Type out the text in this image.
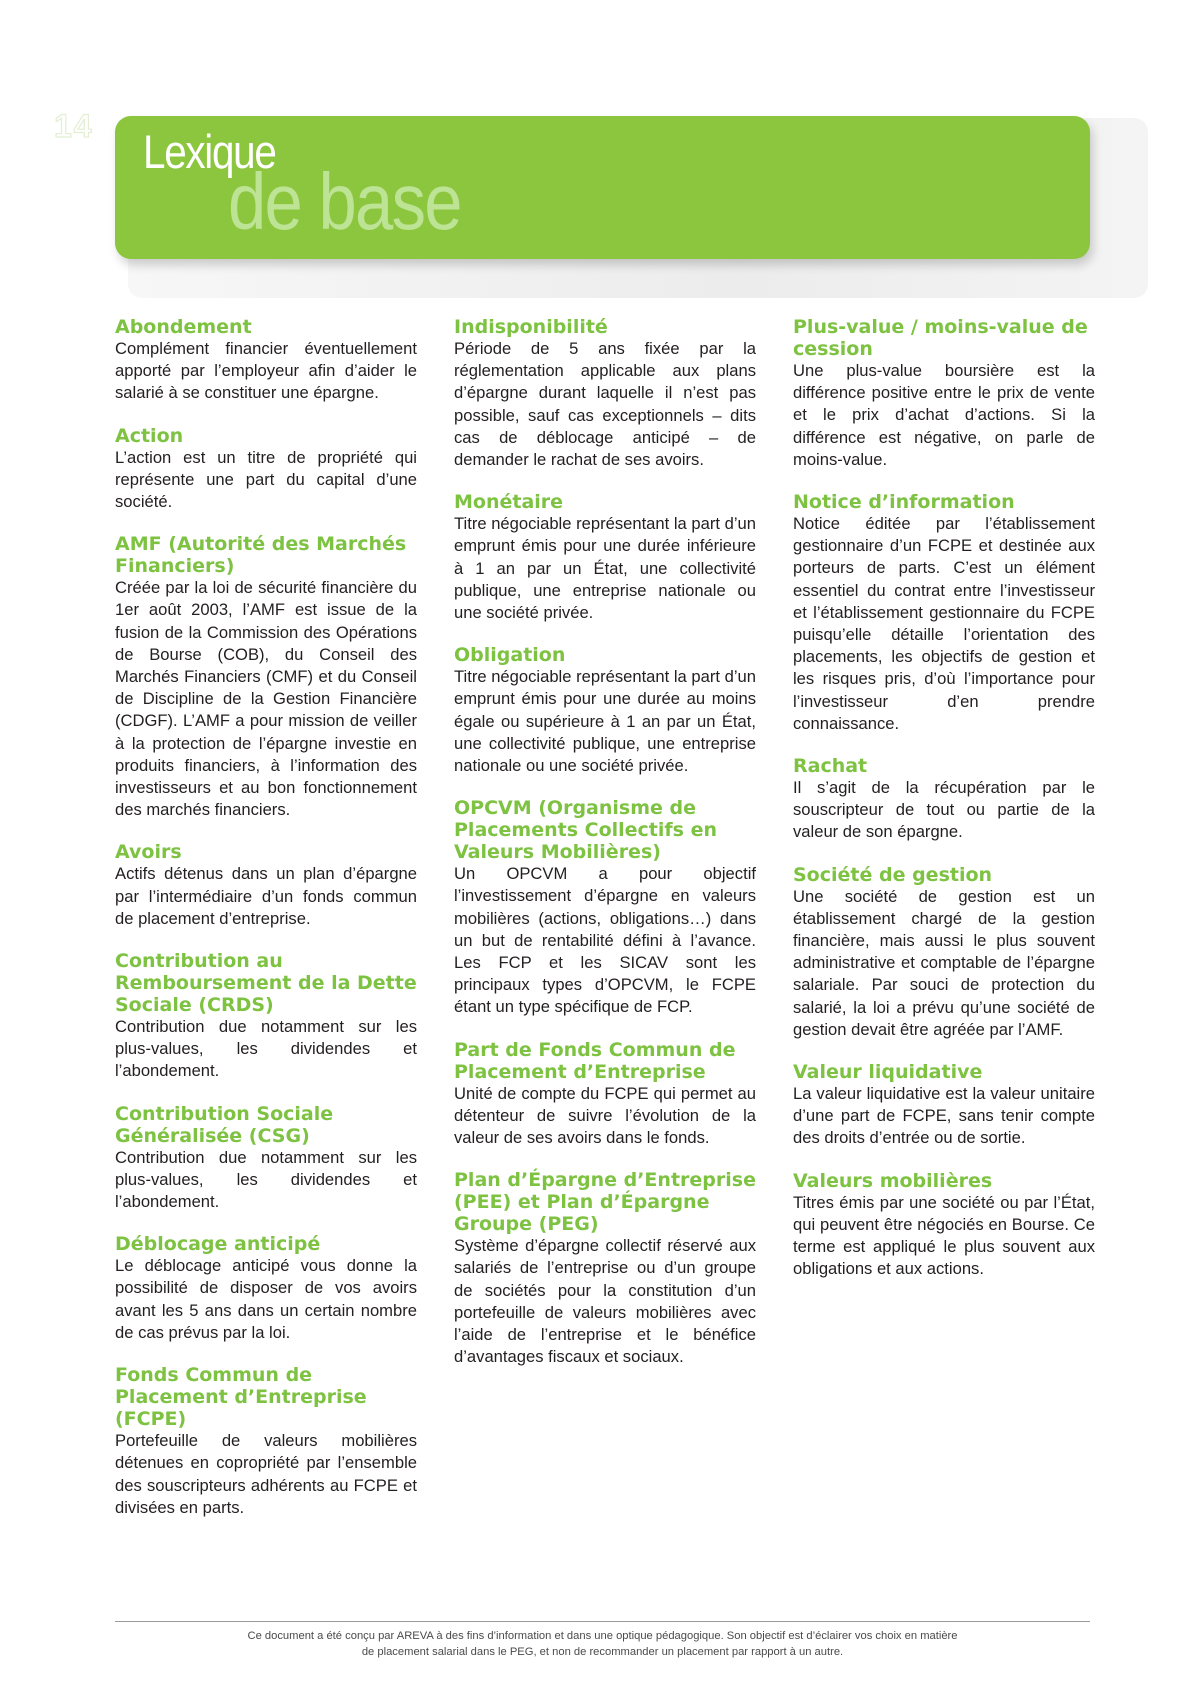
14 Lexique
de base
Abondement

Complément financier éventuellement apporté par l’employeur afin d’aider le salarié à se constituer une épargne.

Action

L’action est un titre de propriété qui représente une part du capital d’une société.

AMF (Autorité des Marchés Financiers)

Créée par la loi de sécurité financière du 1er août 2003, l’AMF est issue de la fusion de la Commission des Opérations de Bourse (COB), du Conseil des Marchés Financiers (CMF) et du Conseil de Discipline de la Gestion Financière (CDGF). L’AMF a pour mission de veiller à la protection de l’épargne investie en produits financiers, à l’information des investisseurs et au bon fonctionnement des marchés financiers.

Avoirs

Actifs détenus dans un plan d’épargne par l’intermédiaire d’un fonds commun de placement d’entreprise.

Contribution au Remboursement de la Dette Sociale (CRDS)

Contribution due notamment sur les plus-values, les dividendes et l’abondement.

Contribution Sociale Généralisée (CSG)

Contribution due notamment sur les plus-values, les dividendes et l’abondement.

Déblocage anticipé

Le déblocage anticipé vous donne la possibilité de disposer de vos avoirs avant les 5 ans dans un certain nombre de cas prévus par la loi.

Fonds Commun de Placement d’Entreprise (FCPE)

Portefeuille de valeurs mobilières détenues en copropriété par l’ensemble des souscripteurs adhérents au FCPE et divisées en parts.

Indisponibilité

Période de 5 ans fixée par la réglementation applicable aux plans d’épargne durant laquelle il n’est pas possible, sauf cas exceptionnels – dits cas de déblocage anticipé – de demander le rachat de ses avoirs.

Monétaire

Titre négociable représentant la part d’un emprunt émis pour une durée inférieure à 1 an par un État, une collectivité publique, une entreprise nationale ou une société privée.

Obligation

Titre négociable représentant la part d’un emprunt émis pour une durée au moins égale ou supérieure à 1 an par un État, une collectivité publique, une entreprise nationale ou une société privée.

OPCVM (Organisme de Placements Collectifs en Valeurs Mobilières)

Un OPCVM a pour objectif l’investissement d’épargne en valeurs mobilières (actions, obligations…) dans un but de rentabilité défini à l’avance. Les FCP et les SICAV sont les principaux types d’OPCVM, le FCPE étant un type spécifique de FCP.

Part de Fonds Commun de Placement d’Entreprise

Unité de compte du FCPE qui permet au détenteur de suivre l’évolution de la valeur de ses avoirs dans le fonds.

Plan d’Épargne d’Entreprise (PEE) et Plan d’Épargne Groupe (PEG)

Système d’épargne collectif réservé aux salariés de l’entreprise ou d’un groupe de sociétés pour la constitution d’un portefeuille de valeurs mobilières avec l’aide de l’entreprise et le bénéfice d’avantages fiscaux et sociaux.

Plus-value / moins-value de cession

Une plus-value boursière est la différence positive entre le prix de vente et le prix d’achat d’actions. Si la différence est négative, on parle de moins-value.

Notice d’information

Notice éditée par l’établissement gestionnaire d’un FCPE et destinée aux porteurs de parts. C’est un élément essentiel du contrat entre l’investisseur et l’établissement gestionnaire du FCPE puisqu’elle détaille l’orientation des placements, les objectifs de gestion et les risques pris, d’où l’importance pour l’investisseur d’en prendre connaissance.

Rachat

Il s’agit de la récupération par le souscripteur de tout ou partie de la valeur de son épargne.

Société de gestion

Une société de gestion est un établissement chargé de la gestion financière, mais aussi le plus souvent administrative et comptable de l’épargne salariale. Par souci de protection du salarié, la loi a prévu qu’une société de gestion devait être agréée par l’AMF.

Valeur liquidative

La valeur liquidative est la valeur unitaire d’une part de FCPE, sans tenir compte des droits d’entrée ou de sortie.

Valeurs mobilières

Titres émis par une société ou par l’État, qui peuvent être négociés en Bourse. Ce terme est appliqué le plus souvent aux obligations et aux actions.

Ce document a été conçu par AREVA à des fins d’information et dans une optique pédagogique. Son objectif est d’éclairer vos choix en matière
de placement salarial dans le PEG, et non de recommander un placement par rapport à un autre.
